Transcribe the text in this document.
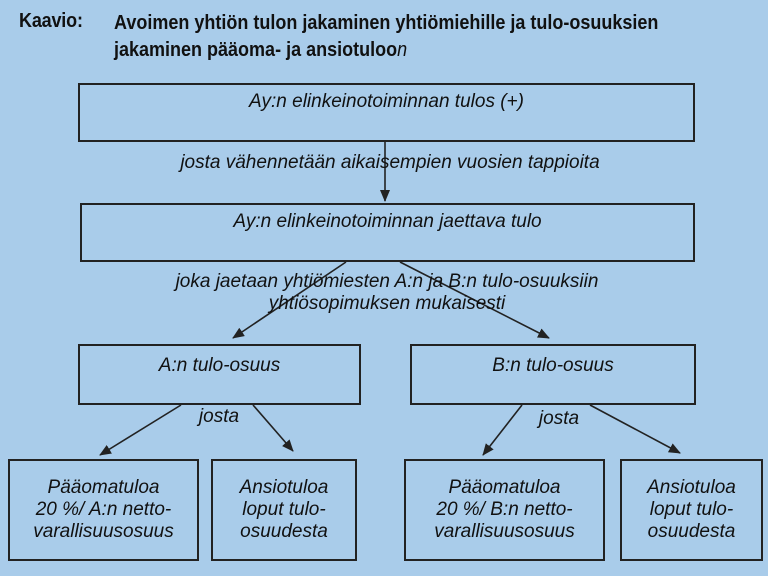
Kaavio: Avoimen yhtiön tulon jakaminen yhtiömiehille ja tulo-osuuksien
jakaminen pääoma- ja ansiotuloon
Ay:n elinkeinotoiminnan tulos (+)
Ay:n elinkeinotoiminnan jaettava tulo
A:n tulo-osuus	B:n tulo-osuus
Pääomatuloa
20 %/ A:n netto-
varallisuusosuus
Ansiotuloa
loput tulo-
osuudesta
Pääomatuloa
20 %/ B:n netto-
varallisuusosuus
Ansiotuloa
loput tulo-
osuudesta
josta vähennetään aikaisempien vuosien tappioita
joka jaetaan yhtiömiesten A:n ja B:n tulo-osuuksiin
yhtiösopimuksen mukaisesti
josta	josta
